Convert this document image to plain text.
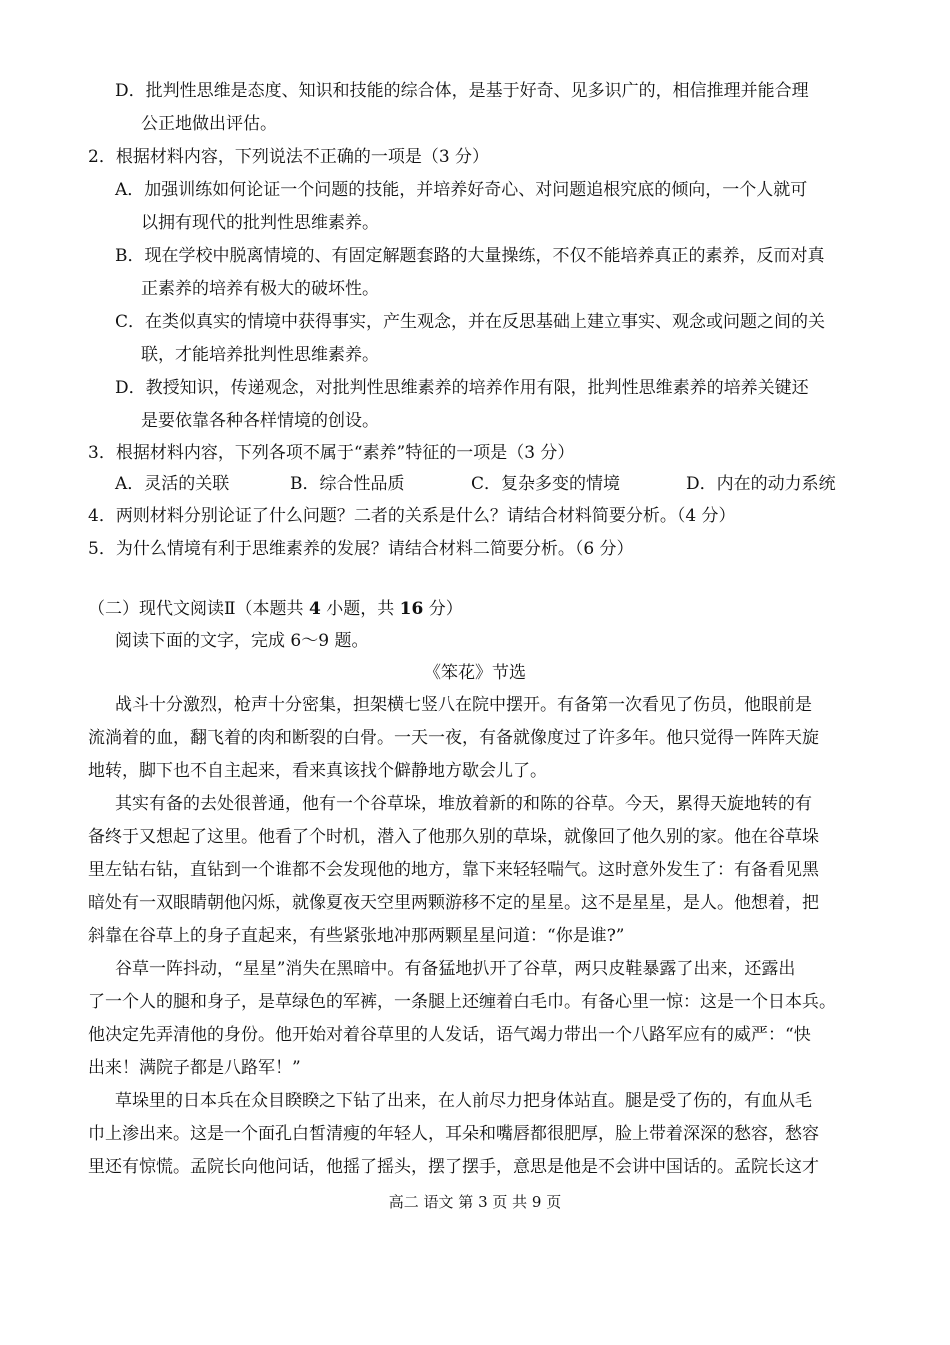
D．批判性思维是态度、知识和技能的综合体，是基于好奇、见多识广的，相信推理并能合理
公正地做出评估。
2．根据材料内容，下列说法不正确的一项是（3 分）
A．加强训练如何论证一个问题的技能，并培养好奇心、对问题追根究底的倾向，一个人就可
以拥有现代的批判性思维素养。
B．现在学校中脱离情境的、有固定解题套路的大量操练，不仅不能培养真正的素养，反而对真
正素养的培养有极大的破坏性。
C．在类似真实的情境中获得事实，产生观念，并在反思基础上建立事实、观念或问题之间的关
联，才能培养批判性思维素养。
D．教授知识，传递观念，对批判性思维素养的培养作用有限，批判性思维素养的培养关键还
是要依靠各种各样情境的创设。
3．根据材料内容，下列各项不属于“素养”特征的一项是（3 分）
A．灵活的关联	B．综合性品质	C．复杂多变的情境	D．内在的动力系统
4．两则材料分别论证了什么问题？二者的关系是什么？请结合材料简要分析。（4 分）
5．为什么情境有利于思维素养的发展？请结合材料二简要分析。（6 分）
（二）现代文阅读Ⅱ（本题共 4 小题，共 16 分）
阅读下面的文字，完成 6～9 题。
《笨花》节选
战斗十分激烈，枪声十分密集，担架横七竖八在院中摆开。有备第一次看见了伤员，他眼前是
流淌着的血，翻飞着的肉和断裂的白骨。一天一夜，有备就像度过了许多年。他只觉得一阵阵天旋
地转，脚下也不自主起来，看来真该找个僻静地方歇会儿了。
其实有备的去处很普通，他有一个谷草垛，堆放着新的和陈的谷草。今天，累得天旋地转的有
备终于又想起了这里。他看了个时机，潜入了他那久别的草垛，就像回了他久别的家。他在谷草垛
里左钻右钻，直钻到一个谁都不会发现他的地方，靠下来轻轻喘气。这时意外发生了：有备看见黑
暗处有一双眼睛朝他闪烁，就像夏夜天空里两颗游移不定的星星。这不是星星，是人。他想着，把
斜靠在谷草上的身子直起来，有些紧张地冲那两颗星星问道：“你是谁?”
谷草一阵抖动，“星星”消失在黑暗中。有备猛地扒开了谷草，两只皮鞋暴露了出来，还露出
了一个人的腿和身子，是草绿色的军裤，一条腿上还缠着白毛巾。有备心里一惊：这是一个日本兵。
他决定先弄清他的身份。他开始对着谷草里的人发话，语气竭力带出一个八路军应有的威严：“快
出来！满院子都是八路军！”
草垛里的日本兵在众目睽睽之下钻了出来，在人前尽力把身体站直。腿是受了伤的，有血从毛
巾上渗出来。这是一个面孔白皙清瘦的年轻人，耳朵和嘴唇都很肥厚，脸上带着深深的愁容，愁容
里还有惊慌。孟院长向他问话，他摇了摇头，摆了摆手，意思是他是不会讲中国话的。孟院长这才
高二 语文 第 3 页 共 9 页
